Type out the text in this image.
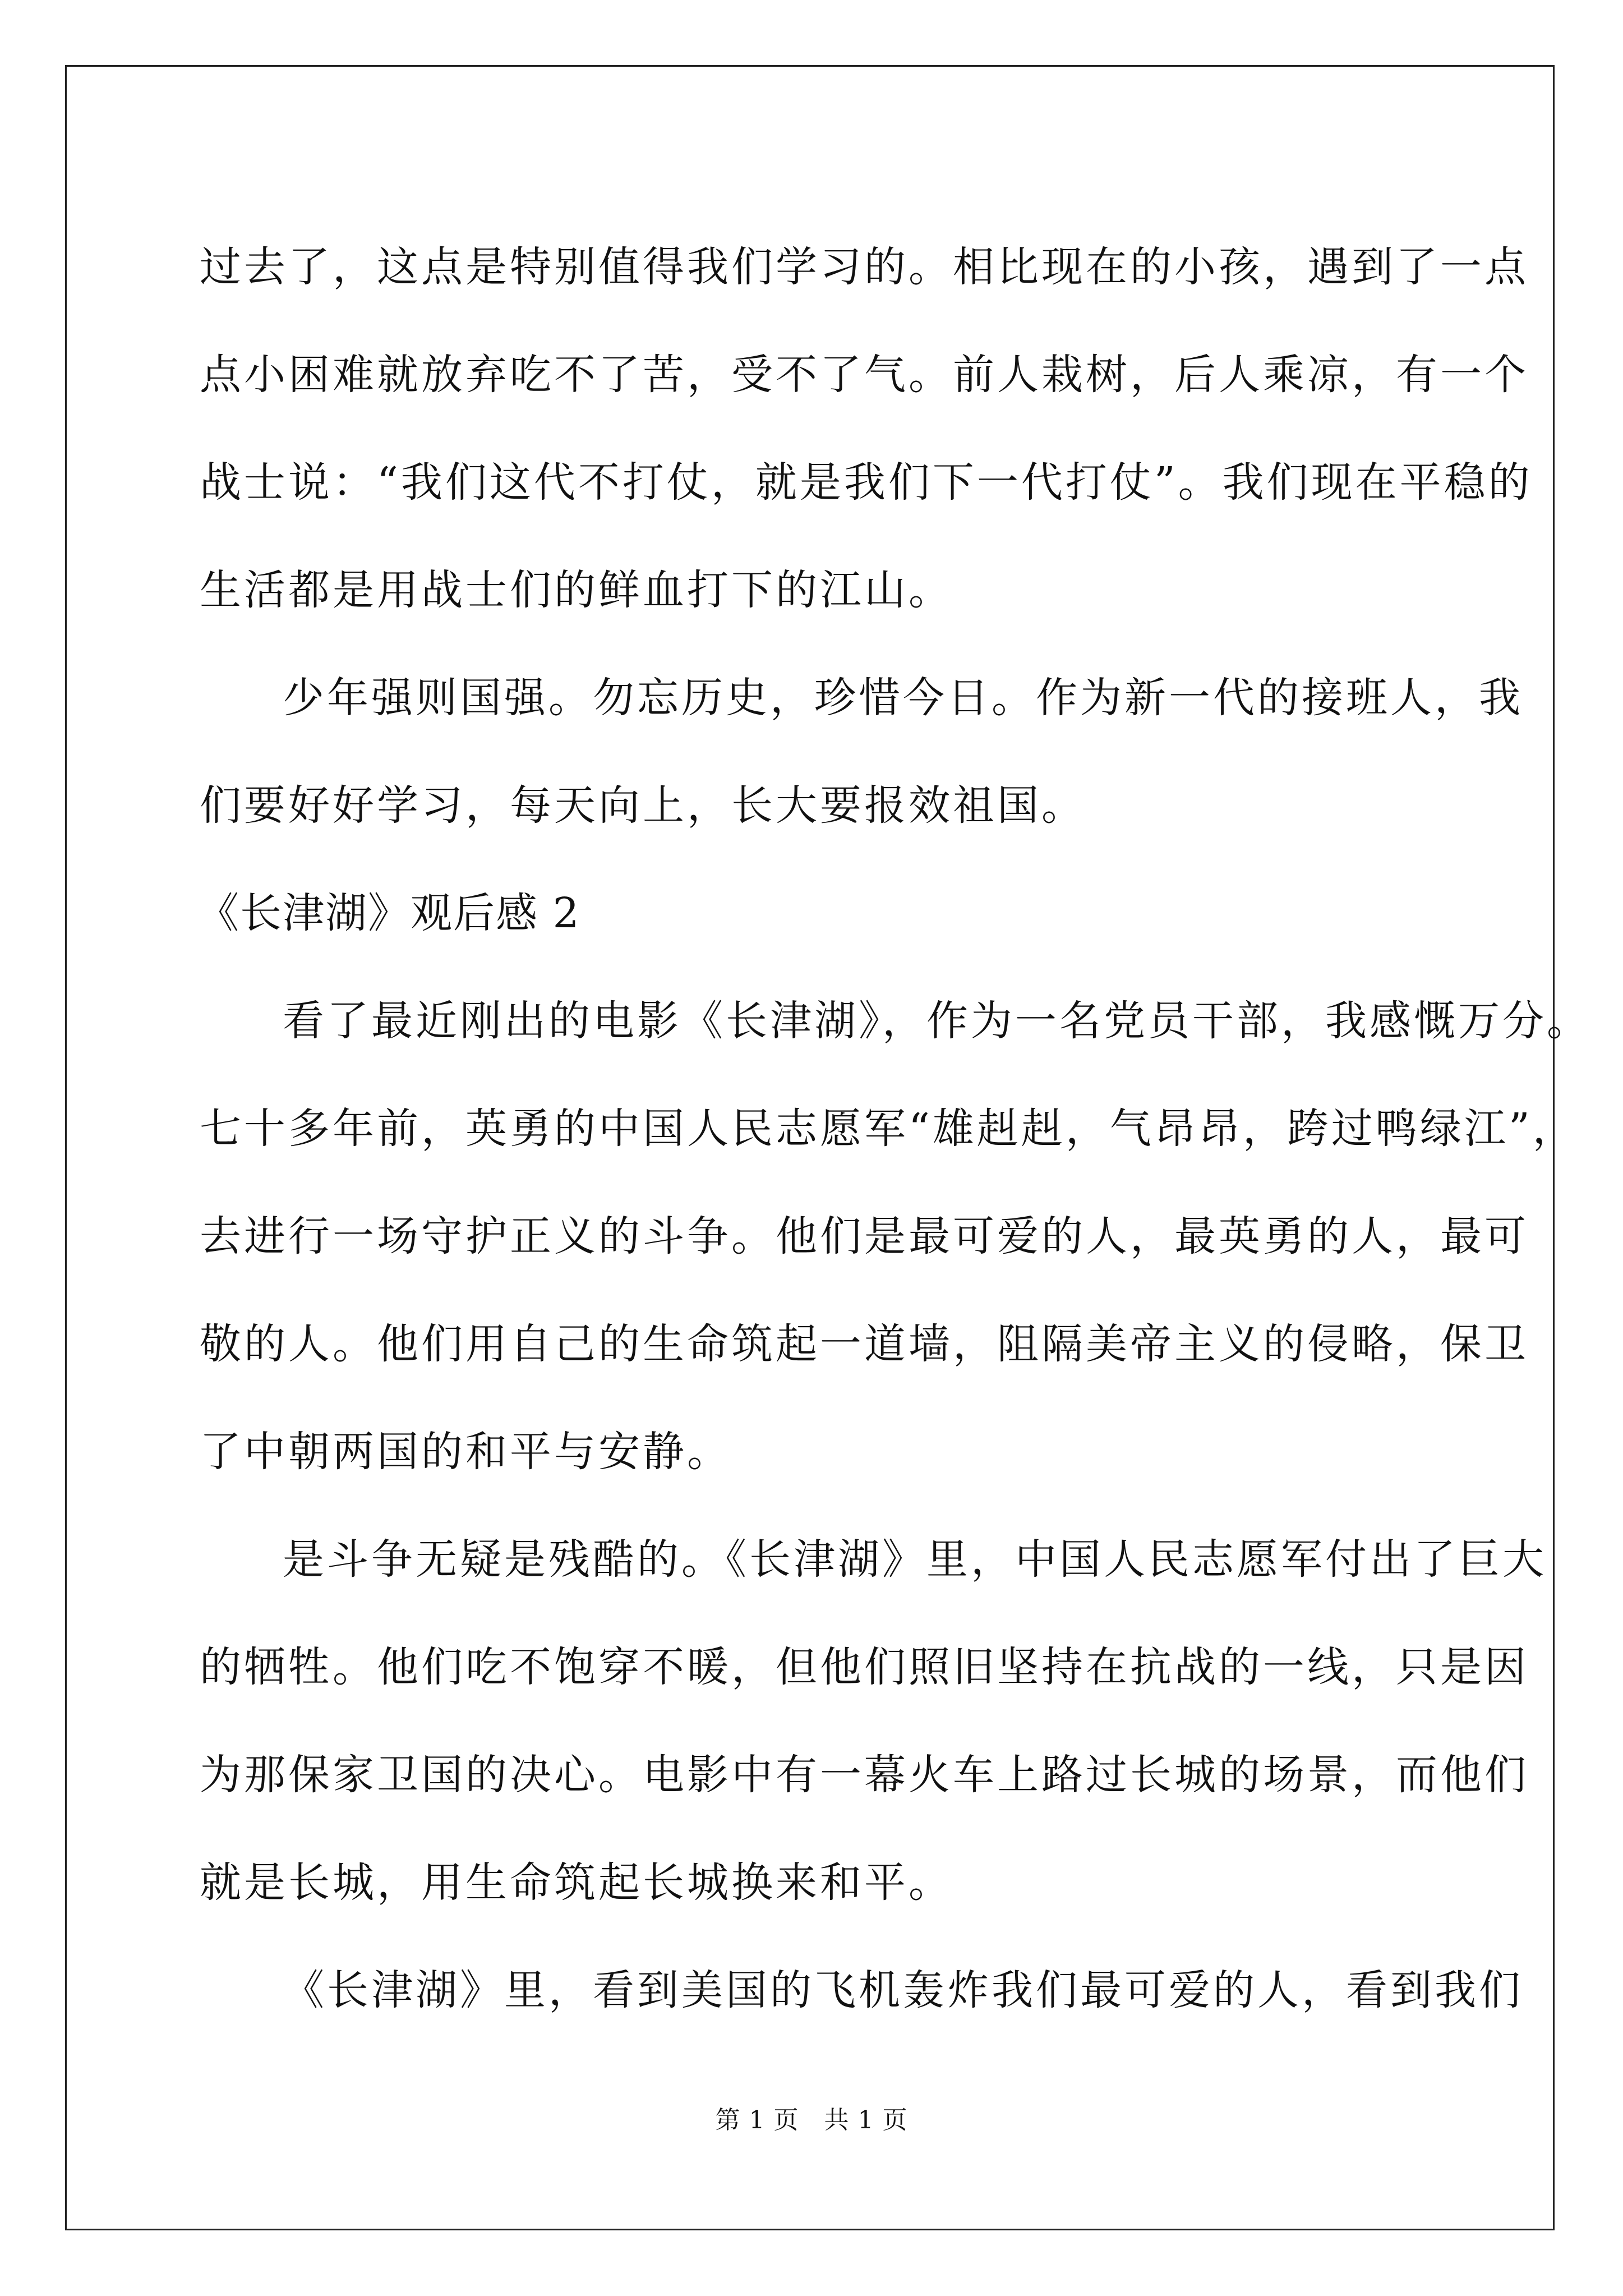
过去了，这点是特别值得我们学习的。相比现在的小孩，遇到了一点
点小困难就放弃吃不了苦，受不了气。前人栽树，后人乘凉，有一个
战士说：“我们这代不打仗，就是我们下一代打仗”。我们现在平稳的
生活都是用战士们的鲜血打下的江山。
少年强则国强。勿忘历史，珍惜今日。作为新一代的接班人，我
们要好好学习，每天向上，长大要报效祖国。
《长津湖》观后感 2
看了最近刚出的电影《长津湖》，作为一名党员干部，我感慨万分。
七十多年前，英勇的中国人民志愿军“雄赳赳，气昂昂，跨过鸭绿江”，
去进行一场守护正义的斗争。他们是最可爱的人，最英勇的人，最可
敬的人。他们用自己的生命筑起一道墙，阻隔美帝主义的侵略，保卫
了中朝两国的和平与安静。
是斗争无疑是残酷的。《长津湖》里，中国人民志愿军付出了巨大
的牺牲。他们吃不饱穿不暖，但他们照旧坚持在抗战的一线，只是因
为那保家卫国的决心。电影中有一幕火车上路过长城的场景，而他们
就是长城，用生命筑起长城换来和平。
《长津湖》里，看到美国的飞机轰炸我们最可爱的人，看到我们
第 1 页　共 1 页
